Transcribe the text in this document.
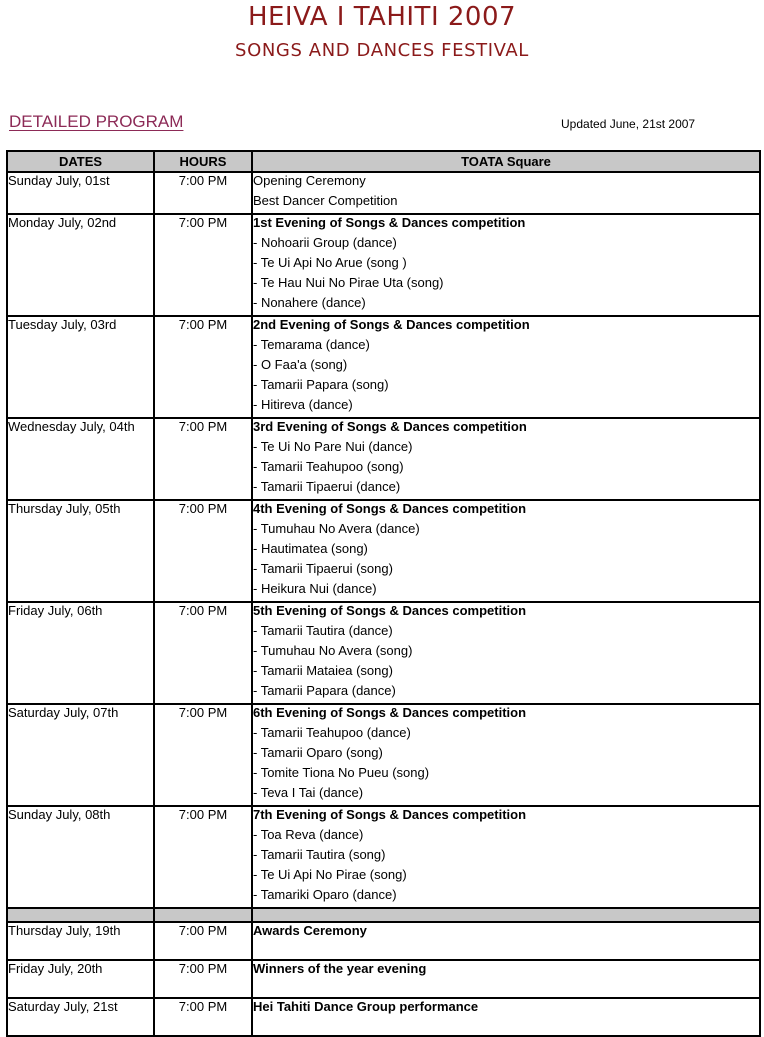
HEIVA I TAHITI 2007
SONGS AND DANCES FESTIVAL
DETAILED PROGRAM	Updated June, 21st 2007
DATES	HOURS	TOATA Square
Sunday July, 01st	7:00 PM	Opening Ceremony
Best Dancer Competition

Monday July, 02nd	7:00 PM	1st Evening of Songs & Dances competition
- Nohoarii Group (dance)
- Te Ui Api No Arue (song )
- Te Hau Nui No Pirae Uta (song)
- Nonahere (dance)

Tuesday July, 03rd	7:00 PM	2nd Evening of Songs & Dances competition
- Temarama (dance)
- O Faa'a (song)
- Tamarii Papara (song)
- Hitireva (dance)

Wednesday July, 04th	7:00 PM	3rd Evening of Songs & Dances competition
- Te Ui No Pare Nui (dance)
- Tamarii Teahupoo (song)
- Tamarii Tipaerui (dance)

Thursday July, 05th	7:00 PM	4th Evening of Songs & Dances competition
- Tumuhau No Avera (dance)
- Hautimatea (song)
- Tamarii Tipaerui (song)
- Heikura Nui (dance)

Friday July, 06th	7:00 PM	5th Evening of Songs & Dances competition
- Tamarii Tautira (dance)
- Tumuhau No Avera (song)
- Tamarii Mataiea (song)
- Tamarii Papara (dance)

Saturday July, 07th	7:00 PM	6th Evening of Songs & Dances competition
- Tamarii Teahupoo (dance)
- Tamarii Oparo (song)
- Tomite Tiona No Pueu (song)
- Teva I Tai (dance)

Sunday July, 08th	7:00 PM	7th Evening of Songs & Dances competition
- Toa Reva (dance)
- Tamarii Tautira (song)
- Te Ui Api No Pirae (song)
- Tamariki Oparo (dance)

Thursday July, 19th	7:00 PM	Awards Ceremony

Friday July, 20th	7:00 PM	Winners of the year evening

Saturday July, 21st	7:00 PM	Hei Tahiti Dance Group performance
